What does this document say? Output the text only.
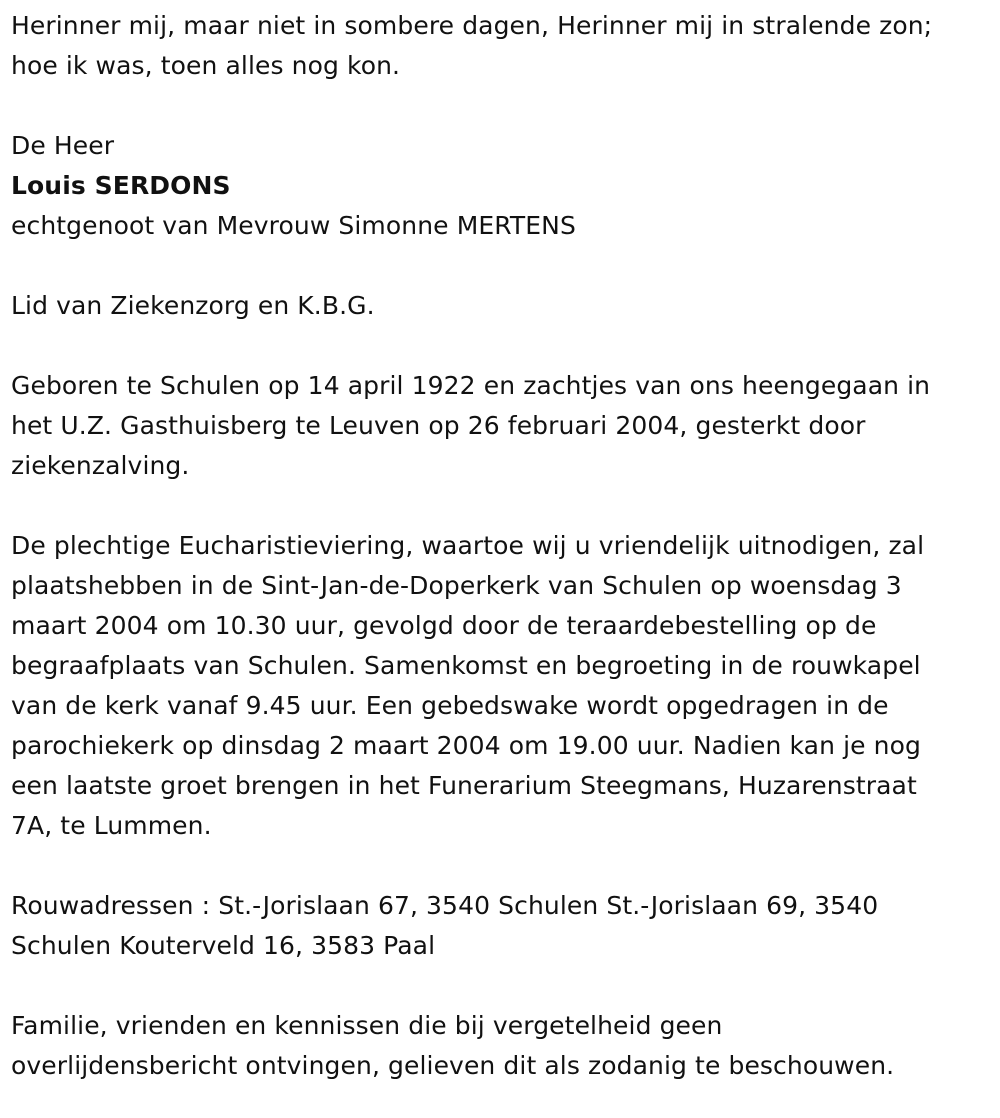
Herinner mij, maar niet in sombere dagen, Herinner mij in stralende zon;

hoe ik was, toen alles nog kon.

De Heer

Louis SERDONS

echtgenoot van Mevrouw Simonne MERTENS

Lid van Ziekenzorg en K.B.G.

Geboren te Schulen op 14 april 1922 en zachtjes van ons heengegaan in

het U.Z. Gasthuisberg te Leuven op 26 februari 2004, gesterkt door

ziekenzalving.

De plechtige Eucharistieviering, waartoe wij u vriendelijk uitnodigen, zal

plaatshebben in de Sint-Jan-de-Doperkerk van Schulen op woensdag 3

maart 2004 om 10.30 uur, gevolgd door de teraardebestelling op de

begraafplaats van Schulen. Samenkomst en begroeting in de rouwkapel

van de kerk vanaf 9.45 uur. Een gebedswake wordt opgedragen in de

parochiekerk op dinsdag 2 maart 2004 om 19.00 uur. Nadien kan je nog

een laatste groet brengen in het Funerarium Steegmans, Huzarenstraat

7A, te Lummen.

Rouwadressen : St.-Jorislaan 67, 3540 Schulen St.-Jorislaan 69, 3540

Schulen Kouterveld 16, 3583 Paal

Familie, vrienden en kennissen die bij vergetelheid geen

overlijdensbericht ontvingen, gelieven dit als zodanig te beschouwen.
